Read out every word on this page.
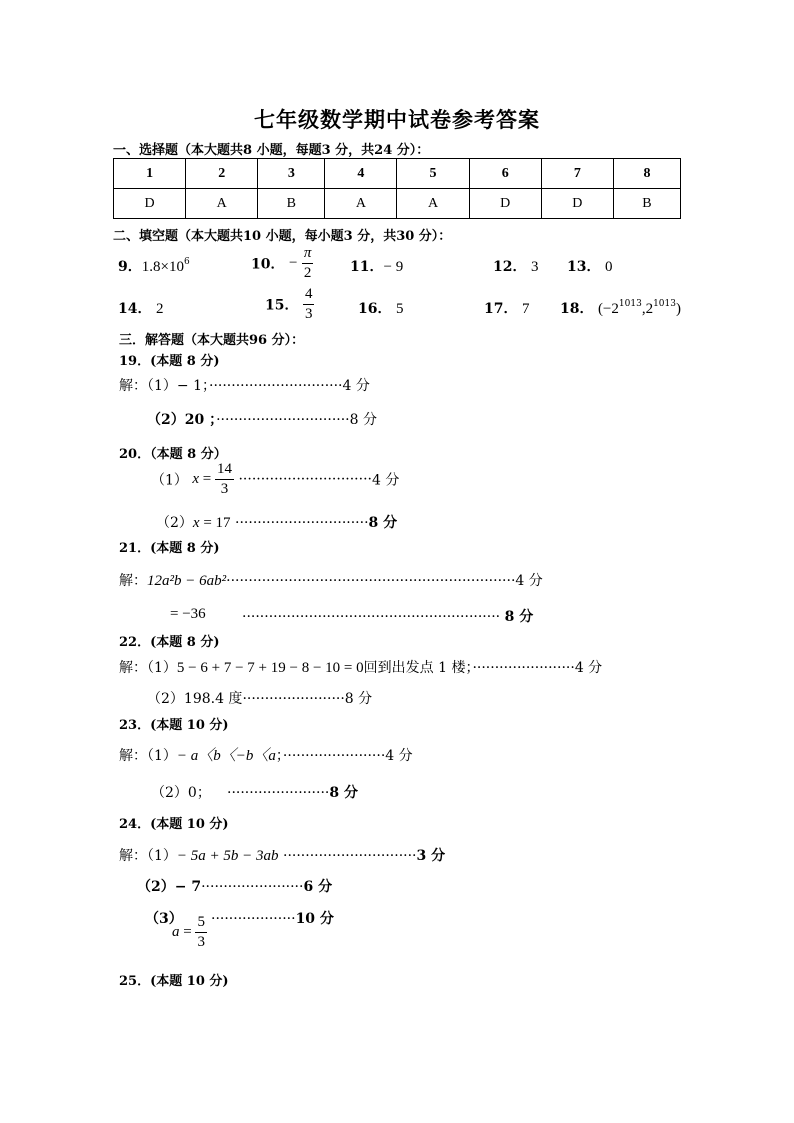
七年级数学期中试卷参考答案
一、选择题（本大题共8 小题，每题3 分，共24 分）：
1	2	3	4	5	6	7	8
D	A	B	A	A	D	D	B
二、填空题（本大题共10 小题，每小题3 分，共30 分）：
9．$1.8\times 10^6$	10． − $\frac{\pi}{2}$	11．− 9	12． 3 13． 0
14． 2	15． $\frac{4}{3}$	16． 5	17． 7 18． $(-2^{1013},2^{1013})$
三．解答题（本大题共96 分）：
19．(本题 8 分)
解：（1）− 1；······························4 分
（2）20 ；······························8 分
20．（本题 8 分）
（1） $x = \frac{14}{3} \cdot\cdot\cdot\cdot\cdot\cdot\cdot\cdot\cdot\cdot\cdot\cdot\cdot\cdot\cdot\cdot\cdot\cdot\cdot\cdot\cdot\cdot\cdot\cdot\cdot\cdot\cdot\cdot\cdot\cdot 4$ 分
（2）x = 17 ······························8 分
21．(本题 8 分)
解：12a²b − 6ab²·································································4 分
= −36	·························································· 8 分
22．(本题 8 分)
解：（1）5 − 6 + 7 − 7 + 19 − 8 − 10 = 0回到出发点 1 楼；·······················4 分
（2）198.4 度·······················8 分
23．(本题 10 分)
解：（1）− a〈b〈−b〈a；·······················4 分
（2）0； ·······················8 分
24．(本题 10 分)
解：（1）− 5a + 5b − 3ab ······························3 分
（2）− 7·······················6 分
（3） ···················10 分
$a = \frac{5}{3}$
25．(本题 10 分)
